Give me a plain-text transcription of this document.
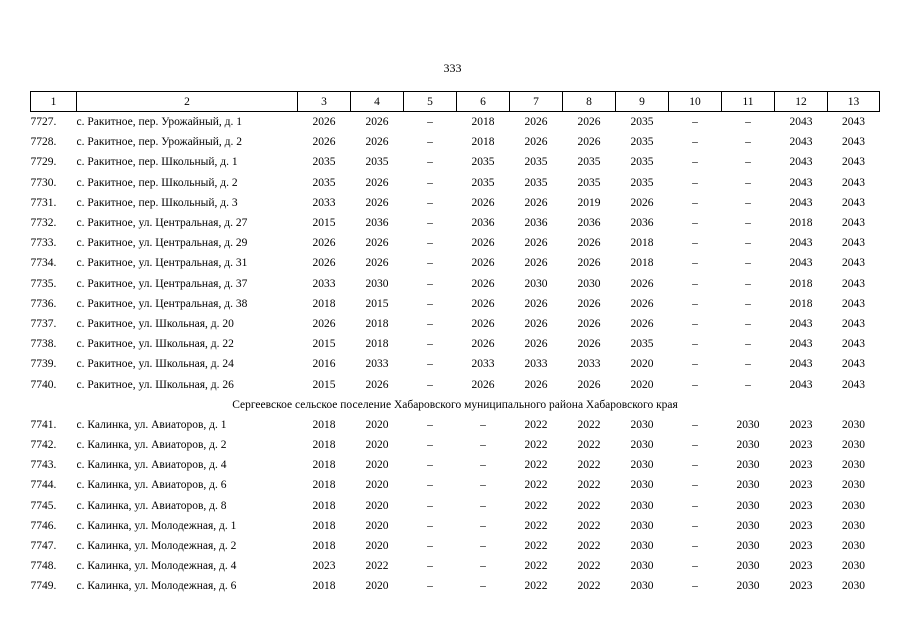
333
1	2	3	4	5	6	7	8	9	10	11	12	13
7727.	с. Ракитное, пер. Урожайный, д. 1	2026	2026	–	2018	2026	2026	2035	–	–	2043	2043
7728.	с. Ракитное, пер. Урожайный, д. 2	2026	2026	–	2018	2026	2026	2035	–	–	2043	2043
7729.	с. Ракитное, пер. Школьный, д. 1	2035	2035	–	2035	2035	2035	2035	–	–	2043	2043
7730.	с. Ракитное, пер. Школьный, д. 2	2035	2026	–	2035	2035	2035	2035	–	–	2043	2043
7731.	с. Ракитное, пер. Школьный, д. 3	2033	2026	–	2026	2026	2019	2026	–	–	2043	2043
7732.	с. Ракитное, ул. Центральная, д. 27	2015	2036	–	2036	2036	2036	2036	–	–	2018	2043
7733.	с. Ракитное, ул. Центральная, д. 29	2026	2026	–	2026	2026	2026	2018	–	–	2043	2043
7734.	с. Ракитное, ул. Центральная, д. 31	2026	2026	–	2026	2026	2026	2018	–	–	2043	2043
7735.	с. Ракитное, ул. Центральная, д. 37	2033	2030	–	2026	2030	2030	2026	–	–	2018	2043
7736.	с. Ракитное, ул. Центральная, д. 38	2018	2015	–	2026	2026	2026	2026	–	–	2018	2043
7737.	с. Ракитное, ул. Школьная, д. 20	2026	2018	–	2026	2026	2026	2026	–	–	2043	2043
7738.	с. Ракитное, ул. Школьная, д. 22	2015	2018	–	2026	2026	2026	2035	–	–	2043	2043
7739.	с. Ракитное, ул. Школьная, д. 24	2016	2033	–	2033	2033	2033	2020	–	–	2043	2043
7740.	с. Ракитное, ул. Школьная, д. 26	2015	2026	–	2026	2026	2026	2020	–	–	2043	2043
Сергеевское сельское поселение Хабаровского муниципального района Хабаровского края												
7741.	с. Калинка, ул. Авиаторов, д. 1	2018	2020	–	–	2022	2022	2030	–	2030	2023	2030
7742.	с. Калинка, ул. Авиаторов, д. 2	2018	2020	–	–	2022	2022	2030	–	2030	2023	2030
7743.	с. Калинка, ул. Авиаторов, д. 4	2018	2020	–	–	2022	2022	2030	–	2030	2023	2030
7744.	с. Калинка, ул. Авиаторов, д. 6	2018	2020	–	–	2022	2022	2030	–	2030	2023	2030
7745.	с. Калинка, ул. Авиаторов, д. 8	2018	2020	–	–	2022	2022	2030	–	2030	2023	2030
7746.	с. Калинка, ул. Молодежная, д. 1	2018	2020	–	–	2022	2022	2030	–	2030	2023	2030
7747.	с. Калинка, ул. Молодежная, д. 2	2018	2020	–	–	2022	2022	2030	–	2030	2023	2030
7748.	с. Калинка, ул. Молодежная, д. 4	2023	2022	–	–	2022	2022	2030	–	2030	2023	2030
7749.	с. Калинка, ул. Молодежная, д. 6	2018	2020	–	–	2022	2022	2030	–	2030	2023	2030
